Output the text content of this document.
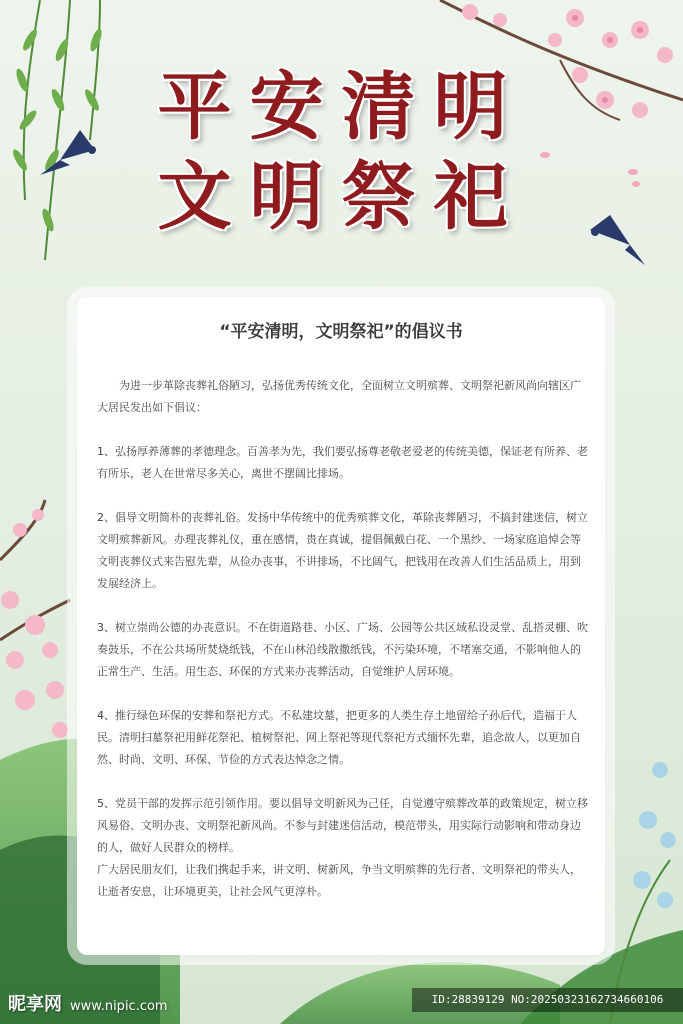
平安清明
文明祭祀
“平安清明，文明祭祀”的倡议书

为进一步革除丧葬礼俗陋习，弘扬优秀传统文化，全面树立文明殡葬、文明祭祀新风尚向辖区广大居民发出如下倡议：

1、弘扬厚养薄葬的孝德理念。百善孝为先，我们要弘扬尊老敬老爱老的传统美德，保证老有所养、老有所乐，老人在世常尽多关心，离世不摆阔比排场。

2、倡导文明简朴的丧葬礼俗。发扬中华传统中的优秀殡葬文化，革除丧葬陋习，不搞封建迷信，树立文明殡葬新风。办理丧葬礼仪，重在感情，贵在真诚，提倡佩戴白花、一个黑纱、一场家庭追悼会等文明丧葬仪式来告慰先辈，从俭办丧事，不讲排场，不比阔气，把钱用在改善人们生活品质上，用到发展经济上。

3、树立崇尚公德的办丧意识。不在街道路巷、小区、广场、公园等公共区域私设灵堂、乱搭灵棚、吹奏鼓乐，不在公共场所焚烧纸钱，不在山林沿线散撒纸钱，不污染环境，不堵塞交通，不影响他人的正常生产、生活。用生态、环保的方式来办丧葬活动，自觉维护人居环境。

4、推行绿色环保的安葬和祭祀方式。不私建坟墓，把更多的人类生存土地留给子孙后代，造福于人民。清明扫墓祭祀用鲜花祭祀、植树祭祀、网上祭祀等现代祭祀方式缅怀先辈，追念故人，以更加自然、时尚、文明、环保、节俭的方式表达悼念之情。

5、党员干部的发挥示范引领作用。要以倡导文明新风为己任，自觉遵守殡葬改革的政策规定，树立移风易俗、文明办丧、文明祭祀新风尚。不参与封建迷信活动，模范带头，用实际行动影响和带动身边的人，做好人民群众的榜样。

广大居民朋友们，让我们携起手来，讲文明、树新风，争当文明殡葬的先行者、文明祭祀的带头人，让逝者安息，让环境更美，让社会风气更淳朴。

昵享网 www.nipic.com	ID:28839129 NO:20250323162734660106
